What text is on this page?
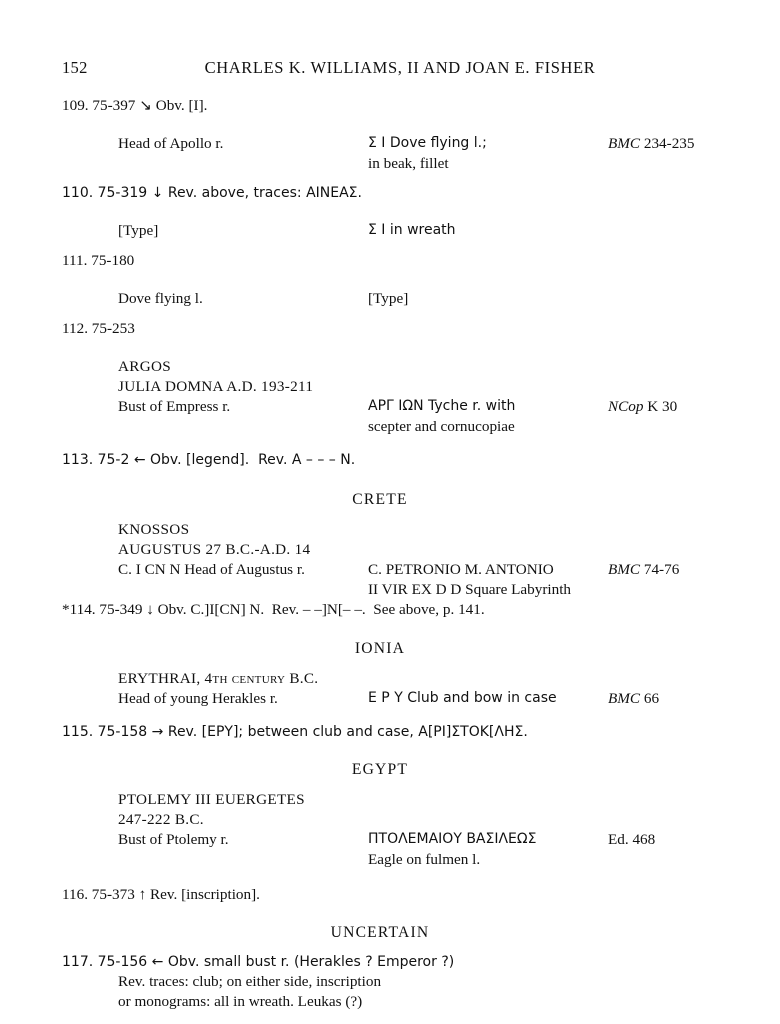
152	CHARLES K. WILLIAMS, II AND JOAN E. FISHER
109. 75-397 ↘ Obv. [I].
Head of Apollo r.	Σ I Dove flying l.;	BMC 234-235
in beak, fillet
110. 75-319 ↓ Rev. above, traces: ΑΙΝΕΑΣ.
[Type]	Σ I in wreath
111. 75-180
Dove flying l.	[Type]
112. 75-253
ARGOS
JULIA DOMNA A.D. 193-211
Bust of Empress r.	ΑΡΓ ΙΩΝ Tyche r. with	NCop K 30
scepter and cornucopiae
113. 75-2 ← Obv. [legend].  Rev. A – – – N.
CRETE
KNOSSOS
AUGUSTUS 27 B.C.-A.D. 14
C. I CN N Head of Augustus r.	C. PETRONIO M. ANTONIO	BMC 74-76
II VIR EX D D Square Labyrinth
*114. 75-349 ↓ Obv. C.]I[CN] N.  Rev. – –]N[– –.  See above, p. 141.
IONIA
ERYTHRAI, 4th century B.C.
Head of young Herakles r.	E P Y Club and bow in case	BMC 66
115. 75-158 → Rev. [ΕΡΥ]; between club and case, Α[ΡΙ]ΣΤΟΚ[ΛΗΣ.
EGYPT
PTOLEMY III EUERGETES
247-222 B.C.
Bust of Ptolemy r.	ΠΤΟΛΕΜΑΙΟΥ ΒΑΣΙΛΕΩΣ	Ed. 468
Eagle on fulmen l.
116. 75-373 ↑ Rev. [inscription].
UNCERTAIN
117. 75-156 ← Obv. small bust r. (Herakles ? Emperor ?)
Rev. traces: club; on either side, inscription
or monograms: all in wreath. Leukas (?)
